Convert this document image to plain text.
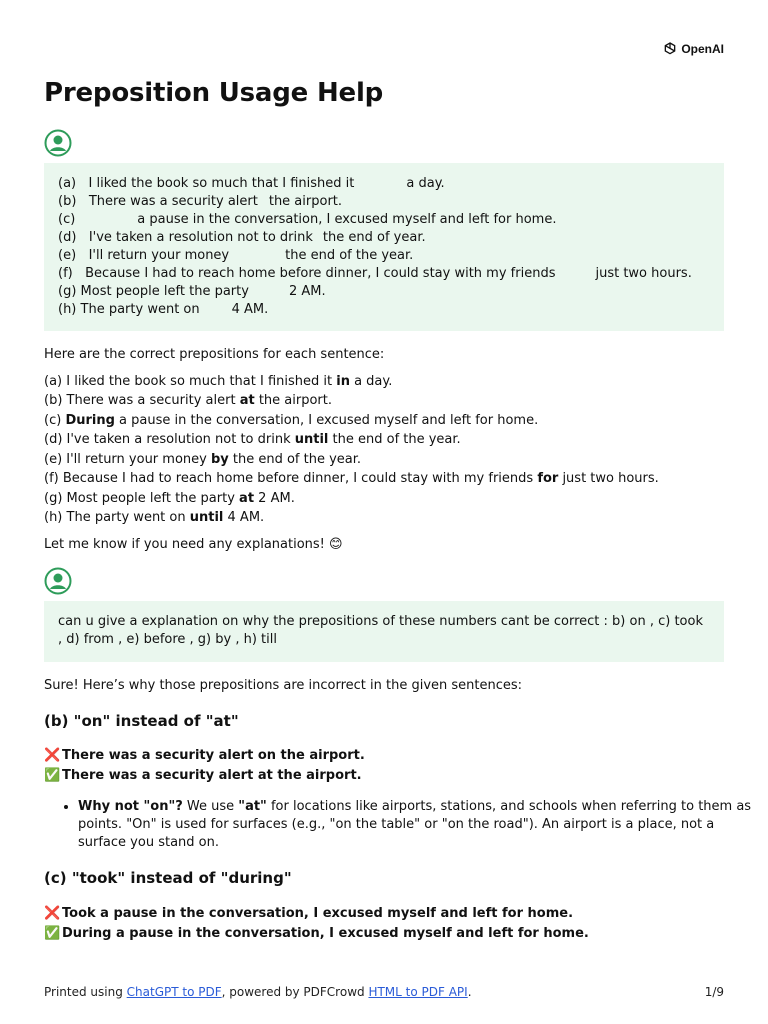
OpenAI
Preposition Usage Help
(a) I liked the book so much that I finished it	a day.
(b) There was a security alert the airport.
(c)	a pause in the conversation, I excused myself and left for home.
(d) I've taken a resolution not to drink the end of year.
(e) I'll return your money	the end of the year.
(f) Because I had to reach home before dinner, I could stay with my friends	just two hours.
(g) Most people left the party	2 AM.
(h) The party went on 4 AM.

Here are the correct prepositions for each sentence:

(a) I liked the book so much that I finished it in a day.
(b) There was a security alert at the airport.
(c) During a pause in the conversation, I excused myself and left for home.
(d) I've taken a resolution not to drink until the end of the year.
(e) I'll return your money by the end of the year.
(f) Because I had to reach home before dinner, I could stay with my friends for just two hours.
(g) Most people left the party at 2 AM.
(h) The party went on until 4 AM.

Let me know if you need any explanations! 😊

can u give a explanation on why the prepositions of these numbers cant be correct : b) on , c) took , d) from , e) before , g) by , h) till

Sure! Here’s why those prepositions are incorrect in the given sentences:

(b) "on" instead of "at"
❌ There was a security alert on the airport.
✅ There was a security alert at the airport.
• Why not "on"? We use "at" for locations like airports, stations, and schools when referring to them as points. "On" is used for surfaces (e.g., "on the table" or "on the road"). An airport is a place, not a surface you stand on.
(c) "took" instead of "during"
❌ Took a pause in the conversation, I excused myself and left for home.
✅ During a pause in the conversation, I excused myself and left for home.
Printed using ChatGPT to PDF, powered by PDFCrowd HTML to PDF API.	1/9
